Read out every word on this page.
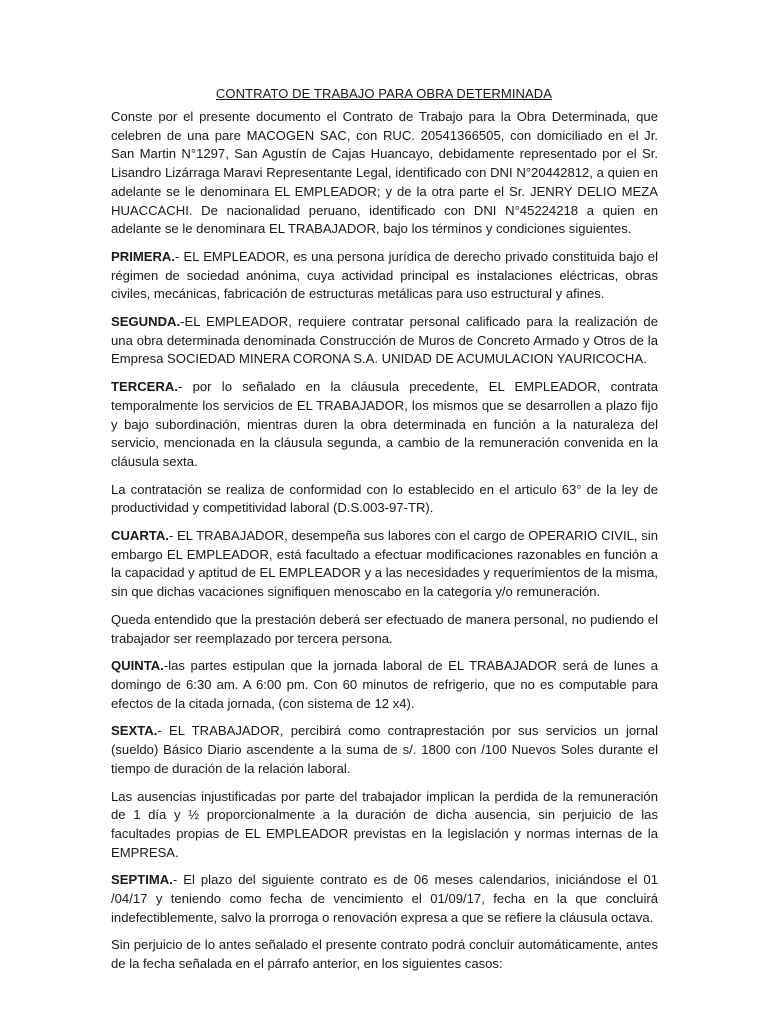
CONTRATO DE TRABAJO PARA OBRA DETERMINADA

Conste por el presente documento el Contrato de Trabajo para la Obra Determinada, que celebren de una pare MACOGEN SAC, con RUC. 20541366505, con domiciliado en el Jr. San Martin N°1297, San Agustín de Cajas Huancayo, debidamente representado por el Sr. Lisandro Lizárraga Maravi Representante Legal, identificado con DNI N°20442812, a quien en adelante se le denominara EL EMPLEADOR; y de la otra parte el Sr. JENRY DELIO MEZA HUACCACHI. De nacionalidad peruano, identificado con DNI N°45224218 a quien en adelante se le denominara EL TRABAJADOR, bajo los términos y condiciones siguientes.

PRIMERA.- EL EMPLEADOR, es una persona jurídica de derecho privado constituida bajo el régimen de sociedad anónima, cuya actividad principal es instalaciones eléctricas, obras civiles, mecánicas, fabricación de estructuras metálicas para uso estructural y afines.

SEGUNDA.-EL EMPLEADOR, requiere contratar personal calificado para la realización de una obra determinada denominada Construcción de Muros de Concreto Armado y Otros de la Empresa SOCIEDAD MINERA CORONA S.A. UNIDAD DE ACUMULACION YAURICOCHA.

TERCERA.- por lo señalado en la cláusula precedente, EL EMPLEADOR, contrata temporalmente los servicios de EL TRABAJADOR, los mismos que se desarrollen a plazo fijo y bajo subordinación, mientras duren la obra determinada en función a la naturaleza del servicio, mencionada en la cláusula segunda, a cambio de la remuneración convenida en la cláusula sexta.

La contratación se realiza de conformidad con lo establecido en el articulo 63° de la ley de productividad y competitividad laboral (D.S.003-97-TR).

CUARTA.- EL TRABAJADOR, desempeña sus labores con el cargo de OPERARIO CIVIL, sin embargo EL EMPLEADOR, está facultado a efectuar modificaciones razonables en función a la capacidad y aptitud de EL EMPLEADOR y a las necesidades y requerimientos de la misma, sin que dichas vacaciones signifiquen menoscabo en la categoría y/o remuneración.

Queda entendido que la prestación deberá ser efectuado de manera personal, no pudiendo el trabajador ser reemplazado por tercera persona.

QUINTA.-las partes estipulan que la jornada laboral de EL TRABAJADOR será de lunes a domingo de 6:30 am. A 6:00 pm. Con 60 minutos de refrigerio, que no es computable para efectos de la citada jornada, (con sistema de 12 x4).

SEXTA.- EL TRABAJADOR, percibirá como contraprestación por sus servicios un jornal (sueldo) Básico Diario ascendente a la suma de s/. 1800 con /100 Nuevos Soles durante el tiempo de duración de la relación laboral.

Las ausencias injustificadas por parte del trabajador implican la perdida de la remuneración de 1 día y ½ proporcionalmente a la duración de dicha ausencia, sin perjuicio de las facultades propias de EL EMPLEADOR previstas en la legislación y normas internas de la EMPRESA.

SEPTIMA.- El plazo del siguiente contrato es de 06 meses calendarios, iniciándose el 01 /04/17 y teniendo como fecha de vencimiento el 01/09/17, fecha en la que concluirá indefectiblemente, salvo la prorroga o renovación expresa a que se refiere la cláusula octava.

Sin perjuicio de lo antes señalado el presente contrato podrá concluir automáticamente, antes de la fecha señalada en el párrafo anterior, en los siguientes casos:
